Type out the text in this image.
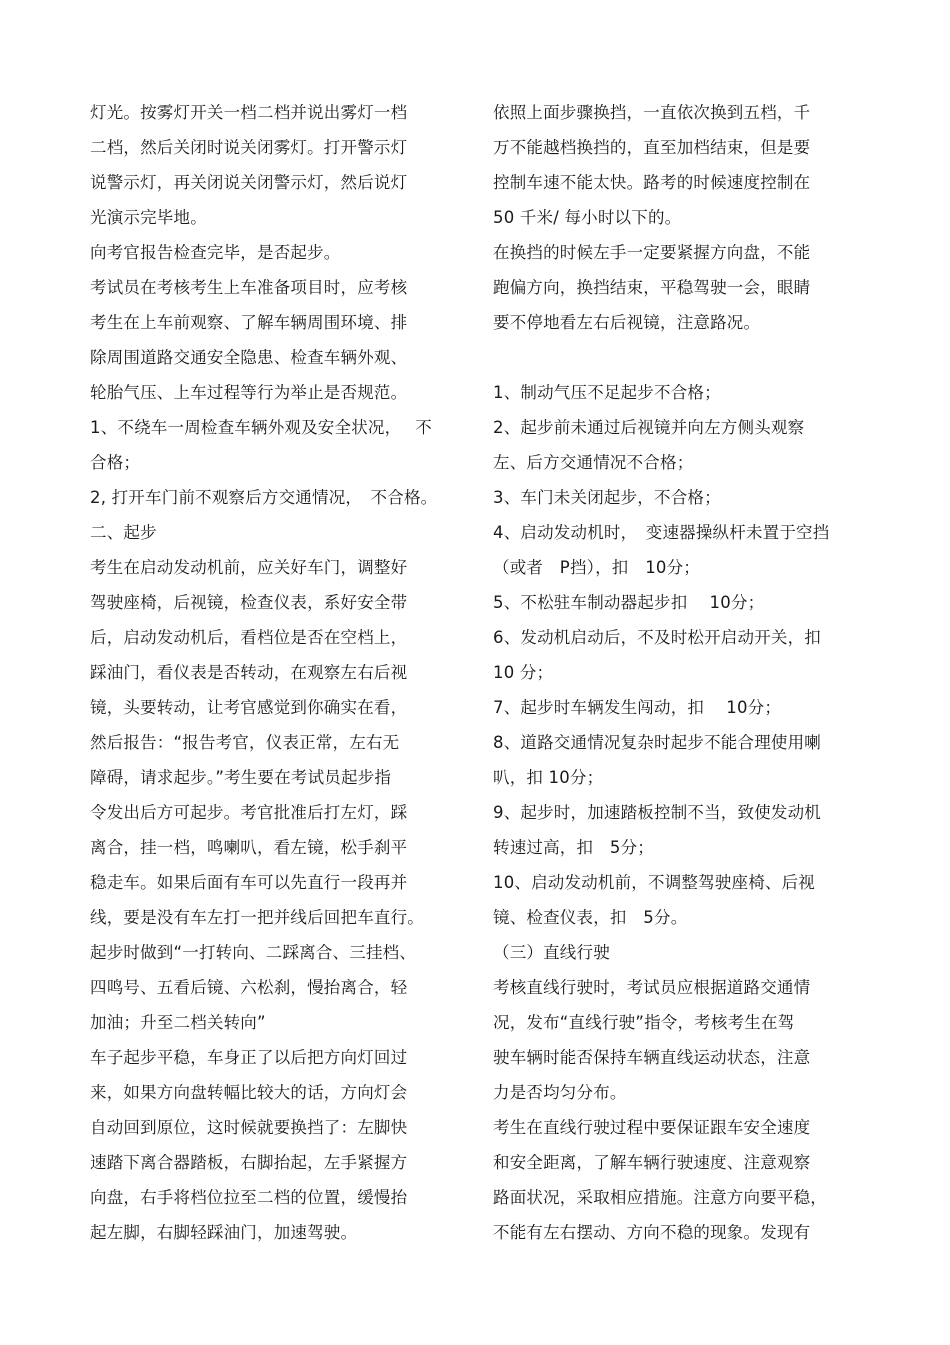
灯光。按雾灯开关一档二档并说出雾灯一档
二档，然后关闭时说关闭雾灯。打开警示灯
说警示灯，再关闭说关闭警示灯，然后说灯
光演示完毕地。
向考官报告检查完毕，是否起步。
考试员在考核考生上车准备项目时，应考核
考生在上车前观察、了解车辆周围环境、排
除周围道路交通安全隐患、检查车辆外观、
轮胎气压、上车过程等行为举止是否规范。
1、不绕车一周检查车辆外观及安全状况，　 不
合格；
2, 打开车门前不观察后方交通情况，　不合格。
二、起步
考生在启动发动机前，应关好车门，调整好
驾驶座椅，后视镜，检查仪表，系好安全带
后，启动发动机后，看档位是否在空档上，
踩油门，看仪表是否转动，在观察左右后视
镜，头要转动，让考官感觉到你确实在看，
然后报告：“报告考官，仪表正常，左右无
障碍，请求起步。”考生要在考试员起步指
令发出后方可起步。考官批准后打左灯，踩
离合，挂一档，鸣喇叭，看左镜，松手刹平
稳走车。如果后面有车可以先直行一段再并
线，要是没有车左打一把并线后回把车直行。
起步时做到“一打转向、二踩离合、三挂档、
四鸣号、五看后镜、六松刹，慢抬离合，轻
加油；升至二档关转向”
车子起步平稳，车身正了以后把方向灯回过
来，如果方向盘转幅比较大的话，方向灯会
自动回到原位，这时候就要换挡了：左脚快
速踏下离合器踏板，右脚抬起，左手紧握方
向盘，右手将档位拉至二档的位置，缓慢抬
起左脚，右脚轻踩油门，加速驾驶。
依照上面步骤换挡，一直依次换到五档，千
万不能越档换挡的，直至加档结束，但是要
控制车速不能太快。路考的时候速度控制在
50 千米/ 每小时以下的。
在换挡的时候左手一定要紧握方向盘，不能
跑偏方向，换挡结束，平稳驾驶一会，眼睛
要不停地看左右后视镜，注意路况。
1、制动气压不足起步不合格；
2、起步前未通过后视镜并向左方侧头观察
左、后方交通情况不合格；
3、车门未关闭起步，不合格；
4、启动发动机时，　变速器操纵杆未置于空挡
（或者　P挡），扣　10分；
5、不松驻车制动器起步扣　 10分；
6、发动机启动后，不及时松开启动开关，扣
10 分；
7、起步时车辆发生闯动，扣　 10分；
8、道路交通情况复杂时起步不能合理使用喇
叭，扣 10分；
9、起步时，加速踏板控制不当，致使发动机
转速过高，扣　5分；
10、启动发动机前，不调整驾驶座椅、后视
镜、检查仪表，扣　5分。
（三）直线行驶
考核直线行驶时，考试员应根据道路交通情
况，发布“直线行驶”指令，考核考生在驾
驶车辆时能否保持车辆直线运动状态，注意
力是否均匀分布。
考生在直线行驶过程中要保证跟车安全速度
和安全距离，了解车辆行驶速度、注意观察
路面状况，采取相应措施。注意方向要平稳，
不能有左右摆动、方向不稳的现象。发现有
